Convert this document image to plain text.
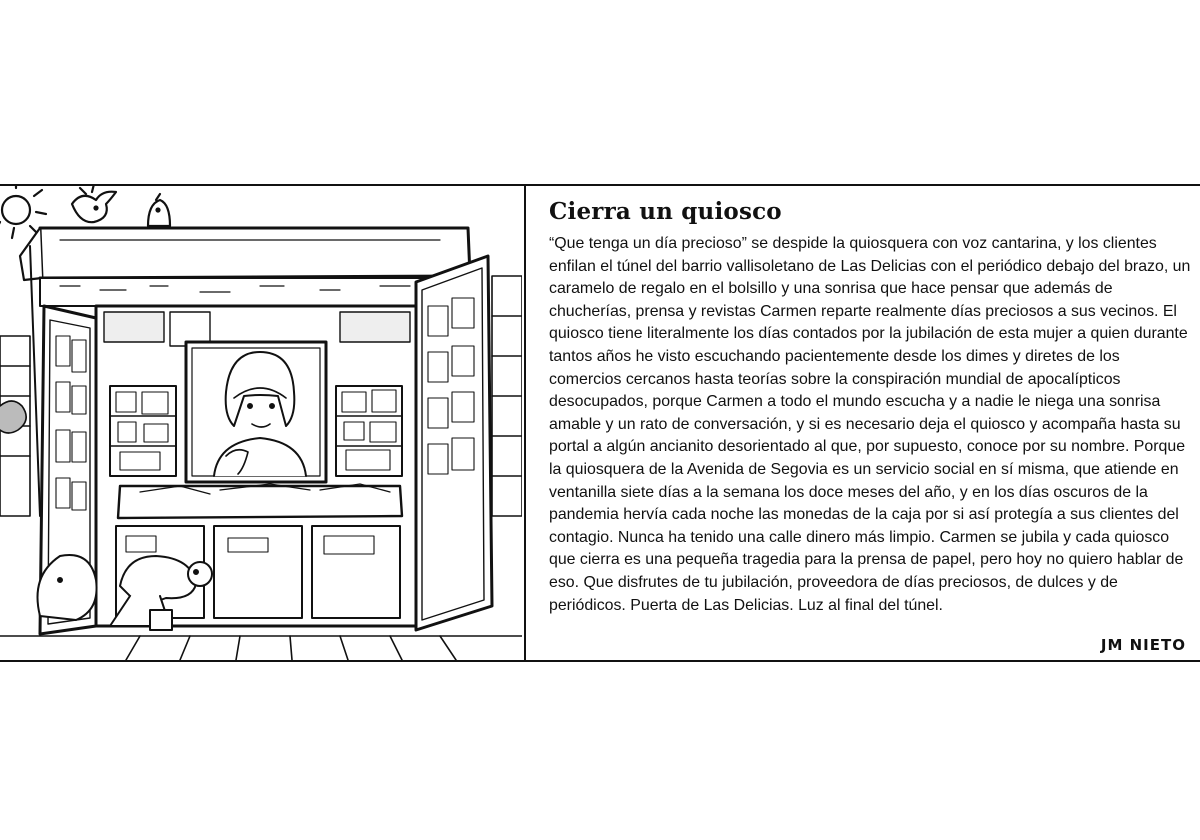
Cierra un quiosco

“Que tenga un día precioso” se despide la quiosquera con voz cantarina, y los clientes enfilan el túnel del barrio vallisoletano de Las Delicias con el periódico debajo del brazo, un caramelo de regalo en el bolsillo y una sonrisa que hace pensar que además de chucherías, prensa y revistas Carmen reparte realmente días preciosos a sus vecinos. El quiosco tiene literalmente los días contados por la jubilación de esta mujer a quien durante tantos años he visto escuchando pacientemente desde los dimes y diretes de los comercios cercanos hasta teorías sobre la conspiración mundial de apocalípticos desocupados, porque Carmen a todo el mundo escucha y a nadie le niega una sonrisa amable y un rato de conversación, y si es necesario deja el quiosco y acompaña hasta su portal a algún ancianito desorientado al que, por supuesto, conoce por su nombre. Porque la quiosquera de la Avenida de Segovia es un servicio social en sí misma, que atiende en ventanilla siete días a la semana los doce meses del año, y en los días oscuros de la pandemia hervía cada noche las monedas de la caja por si así protegía a sus clientes del contagio. Nunca ha tenido una calle dinero más limpio. Carmen se jubila y cada quiosco que cierra es una pequeña tragedia para la prensa de papel, pero hoy no quiero hablar de eso. Que disfrutes de tu jubilación, proveedora de días preciosos, de dulces y de periódicos. Puerta de Las Delicias. Luz al final del túnel.

JM NIETO
